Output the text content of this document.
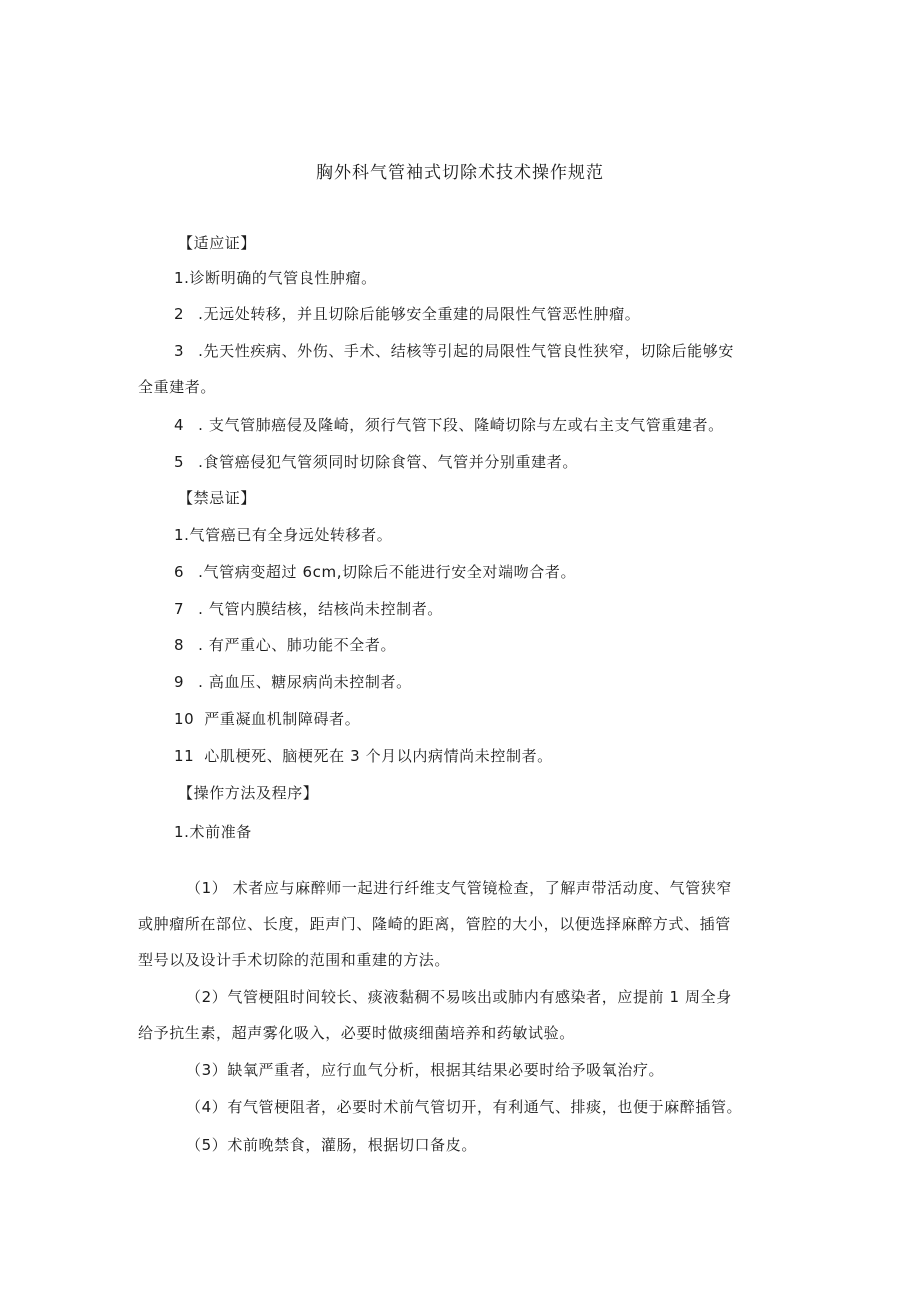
胸外科气管袖式切除术技术操作规范
【适应证】
1.诊断明确的气管良性肿瘤。
2 .无远处转移，并且切除后能够安全重建的局限性气管恶性肿瘤。
3 .先天性疾病、外伤、手术、结核等引起的局限性气管良性狭窄，切除后能够安
全重建者。
4 . 支气管肺癌侵及隆崎，须行气管下段、隆崎切除与左或右主支气管重建者。
5 .食管癌侵犯气管须同时切除食管、气管并分别重建者。
【禁忌证】
1.气管癌已有全身远处转移者。
6 .气管病变超过 6cm,切除后不能进行安全对端吻合者。
7 . 气管内膜结核，结核尚未控制者。
8 . 有严重心、肺功能不全者。
9 . 高血压、糖尿病尚未控制者。
10 严重凝血机制障碍者。
11 心肌梗死、脑梗死在 3 个月以内病情尚未控制者。
【操作方法及程序】
1.术前准备
（1） 术者应与麻醉师一起进行纤维支气管镜检查，了解声带活动度、气管狭窄
或肿瘤所在部位、长度，距声门、隆崎的距离，管腔的大小，以便选择麻醉方式、插管
型号以及设计手术切除的范围和重建的方法。
（2）气管梗阻时间较长、痰液黏稠不易咳出或肺内有感染者，应提前 1 周全身
给予抗生素，超声雾化吸入，必要时做痰细菌培养和药敏试验。
（3）缺氧严重者，应行血气分析，根据其结果必要时给予吸氧治疗。
（4）有气管梗阻者，必要时术前气管切开，有利通气、排痰，也便于麻醉插管。
（5）术前晚禁食，灌肠，根据切口备皮。
